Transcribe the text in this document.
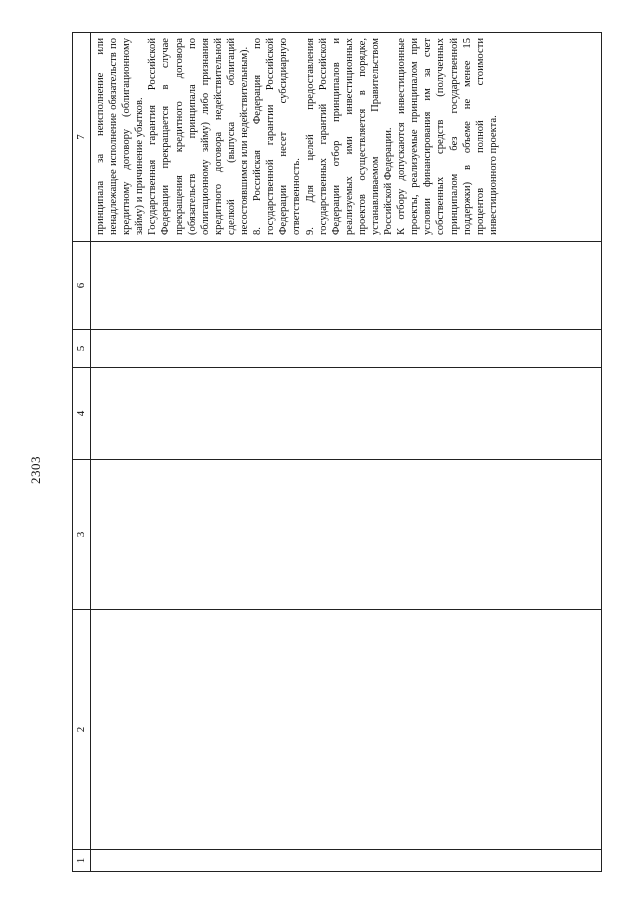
2303
1
2
3
4
5
6
7 принципала за неисполнение или ненадлежащее исполнение обязательств по кредитному договору (облигационному займу) и причинение убытков. Государственная гарантия Российской Федерации прекращается в случае прекращения кредитного договора (обязательств принципала по облигационному займу) либо признания кредитного договора недействительной сделкой (выпуска облигаций несостоявшимся или недействительным). 8. Российская Федерация по государственной гарантии Российской Федерации несет субсидиарную ответственность. 9. Для целей предоставления государственных гарантий Российской Федерации отбор принципалов и реализуемых ими инвестиционных проектов осуществляется в порядке, устанавливаемом Правительством Российской Федерации. К отбору допускаются инвестиционные проекты, реализуемые принципалом при условии финансирования им за счет собственных средств (полученных принципалом без государственной поддержки) в объеме не менее 15 процентов полной стоимости инвестиционного проекта.
